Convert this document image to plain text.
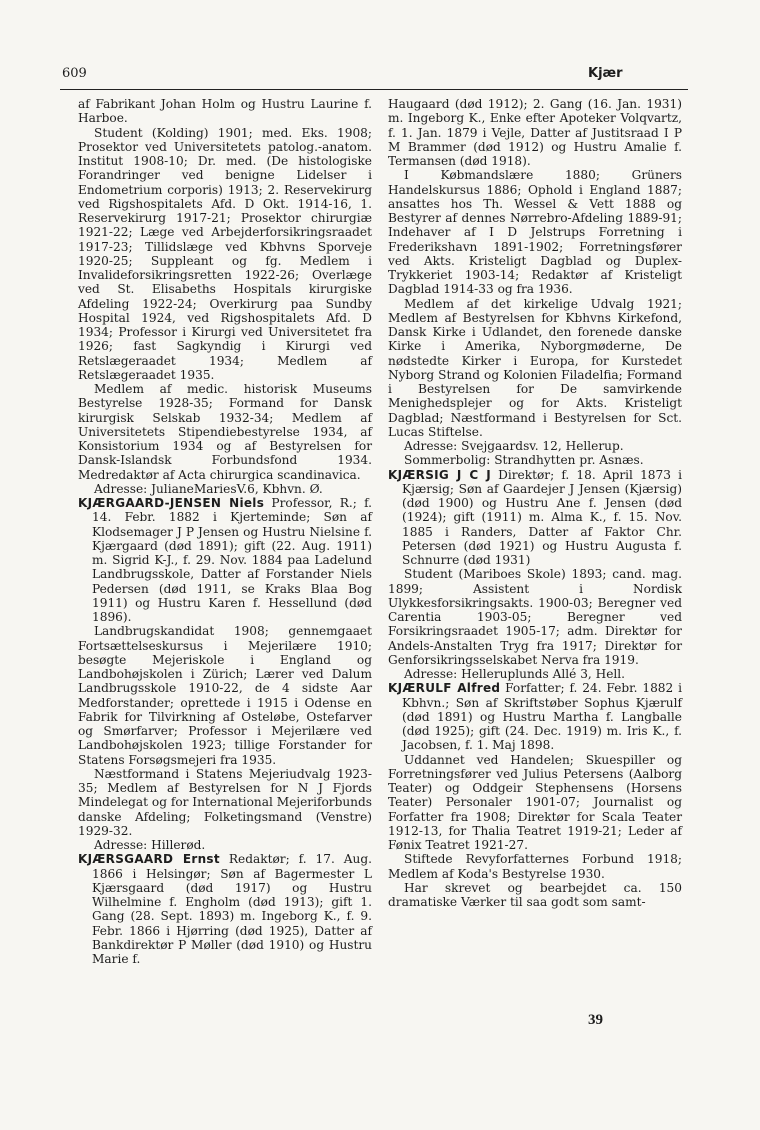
609	Kjær

af Fabrikant Johan Holm og Hustru Laurine f. Harboe.

Student (Kolding) 1901; med. Eks. 1908; Prosektor ved Universitetets patolog.-anatom. Institut 1908-10; Dr. med. (De histologiske Forandringer ved benigne Lidelser i Endometrium corporis) 1913; 2. Reservekirurg ved Rigshospitalets Afd. D Okt. 1914-16, 1. Reservekirurg 1917-21; Prosektor chirurgiæ 1921-22; Læge ved Arbejderforsikringsraadet 1917-23; Tillidslæge ved Kbhvns Sporveje 1920-25; Suppleant og fg. Medlem i Invalideforsikringsretten 1922-26; Overlæge ved St. Elisabeths Hospitals kirurgiske Afdeling 1922-24; Overkirurg paa Sundby Hospital 1924, ved Rigshospitalets Afd. D 1934; Professor i Kirurgi ved Universitetet fra 1926; fast Sagkyndig i Kirurgi ved Retslægeraadet 1934; Medlem af Retslægeraadet 1935.

Medlem af medic. historisk Museums Bestyrelse 1928-35; Formand for Dansk kirurgisk Selskab 1932-34; Medlem af Universitetets Stipendiebestyrelse 1934, af Konsistorium 1934 og af Bestyrelsen for Dansk-Islandsk Forbundsfond 1934. Medredaktør af Acta chirurgica scandinavica.

Adresse: JulianeMariesV.6, Kbhvn. Ø.

KJÆRGAARD-JENSEN Niels Professor, R.; f. 14. Febr. 1882 i Kjerteminde; Søn af Klodsemager J P Jensen og Hustru Nielsine f. Kjærgaard (død 1891); gift (22. Aug. 1911) m. Sigrid K-J., f. 29. Nov. 1884 paa Ladelund Landbrugsskole, Datter af Forstander Niels Pedersen (død 1911, se Kraks Blaa Bog 1911) og Hustru Karen f. Hessellund (død 1896).

Landbrugskandidat 1908; gennemgaaet Fortsættelseskursus i Mejerilære 1910; besøgte Mejeriskole i England og Landbohøjskolen i Zürich; Lærer ved Dalum Landbrugsskole 1910-22, de 4 sidste Aar Medforstander; oprettede i 1915 i Odense en Fabrik for Tilvirkning af Osteløbe, Ostefarver og Smørfarver; Professor i Mejerilære ved Landbohøjskolen 1923; tillige Forstander for Statens Forsøgsmejeri fra 1935.

Næstformand i Statens Mejeriudvalg 1923-35; Medlem af Bestyrelsen for N J Fjords Mindelegat og for International Mejeriforbunds danske Afdeling; Folketingsmand (Venstre) 1929-32.

Adresse: Hillerød.

KJÆRSGAARD Ernst Redaktør; f. 17. Aug. 1866 i Helsingør; Søn af Bagermester L Kjærsgaard (død 1917) og Hustru Wilhelmine f. Engholm (død 1913); gift 1. Gang (28. Sept. 1893) m. Ingeborg K., f. 9. Febr. 1866 i Hjørring (død 1925), Datter af Bankdirektør P Møller (død 1910) og Hustru Marie f.

Haugaard (død 1912); 2. Gang (16. Jan. 1931) m. Ingeborg K., Enke efter Apoteker Volqvartz, f. 1. Jan. 1879 i Vejle, Datter af Justitsraad I P M Brammer (død 1912) og Hustru Amalie f. Termansen (død 1918).

I Købmandslære 1880; Grüners Handelskursus 1886; Ophold i England 1887; ansattes hos Th. Wessel & Vett 1888 og Bestyrer af dennes Nørrebro-Afdeling 1889-91; Indehaver af I D Jelstrups Forretning i Frederikshavn 1891-1902; Forretningsfører ved Akts. Kristeligt Dagblad og Duplex-Trykkeriet 1903-14; Redaktør af Kristeligt Dagblad 1914-33 og fra 1936.

Medlem af det kirkelige Udvalg 1921; Medlem af Bestyrelsen for Kbhvns Kirkefond, Dansk Kirke i Udlandet, den forenede danske Kirke i Amerika, Nyborgmøderne, De nødstedte Kirker i Europa, for Kurstedet Nyborg Strand og Kolonien Filadelfia; Formand i Bestyrelsen for De samvirkende Menighedsplejer og for Akts. Kristeligt Dagblad; Næstformand i Bestyrelsen for Sct. Lucas Stiftelse.

Adresse: Svejgaardsv. 12, Hellerup.

Sommerbolig: Strandhytten pr. Asnæs.

KJÆRSIG J C J Direktør; f. 18. April 1873 i Kjærsig; Søn af Gaardejer J Jensen (Kjærsig) (død 1900) og Hustru Ane f. Jensen (død (1924); gift (1911) m. Alma K., f. 15. Nov. 1885 i Randers, Datter af Faktor Chr. Petersen (død 1921) og Hustru Augusta f. Schnurre (død 1931)

Student (Mariboes Skole) 1893; cand. mag. 1899; Assistent i Nordisk Ulykkesforsikringsakts. 1900-03; Beregner ved Carentia 1903-05; Beregner ved Forsikringsraadet 1905-17; adm. Direktør for Andels-Anstalten Tryg fra 1917; Direktør for Genforsikringsselskabet Nerva fra 1919.

Adresse: Helleruplunds Allé 3, Hell.

KJÆRULF Alfred Forfatter; f. 24. Febr. 1882 i Kbhvn.; Søn af Skriftstøber Sophus Kjærulf (død 1891) og Hustru Martha f. Langballe (død 1925); gift (24. Dec. 1919) m. Iris K., f. Jacobsen, f. 1. Maj 1898.

Uddannet ved Handelen; Skuespiller og Forretningsfører ved Julius Petersens (Aalborg Teater) og Oddgeir Stephensens (Horsens Teater) Personaler 1901-07; Journalist og Forfatter fra 1908; Direktør for Scala Teater 1912-13, for Thalia Teatret 1919-21; Leder af Fønix Teatret 1921-27.

Stiftede Revyforfatternes Forbund 1918; Medlem af Koda's Bestyrelse 1930.

Har skrevet og bearbejdet ca. 150 dramatiske Værker til saa godt som samt-

39
